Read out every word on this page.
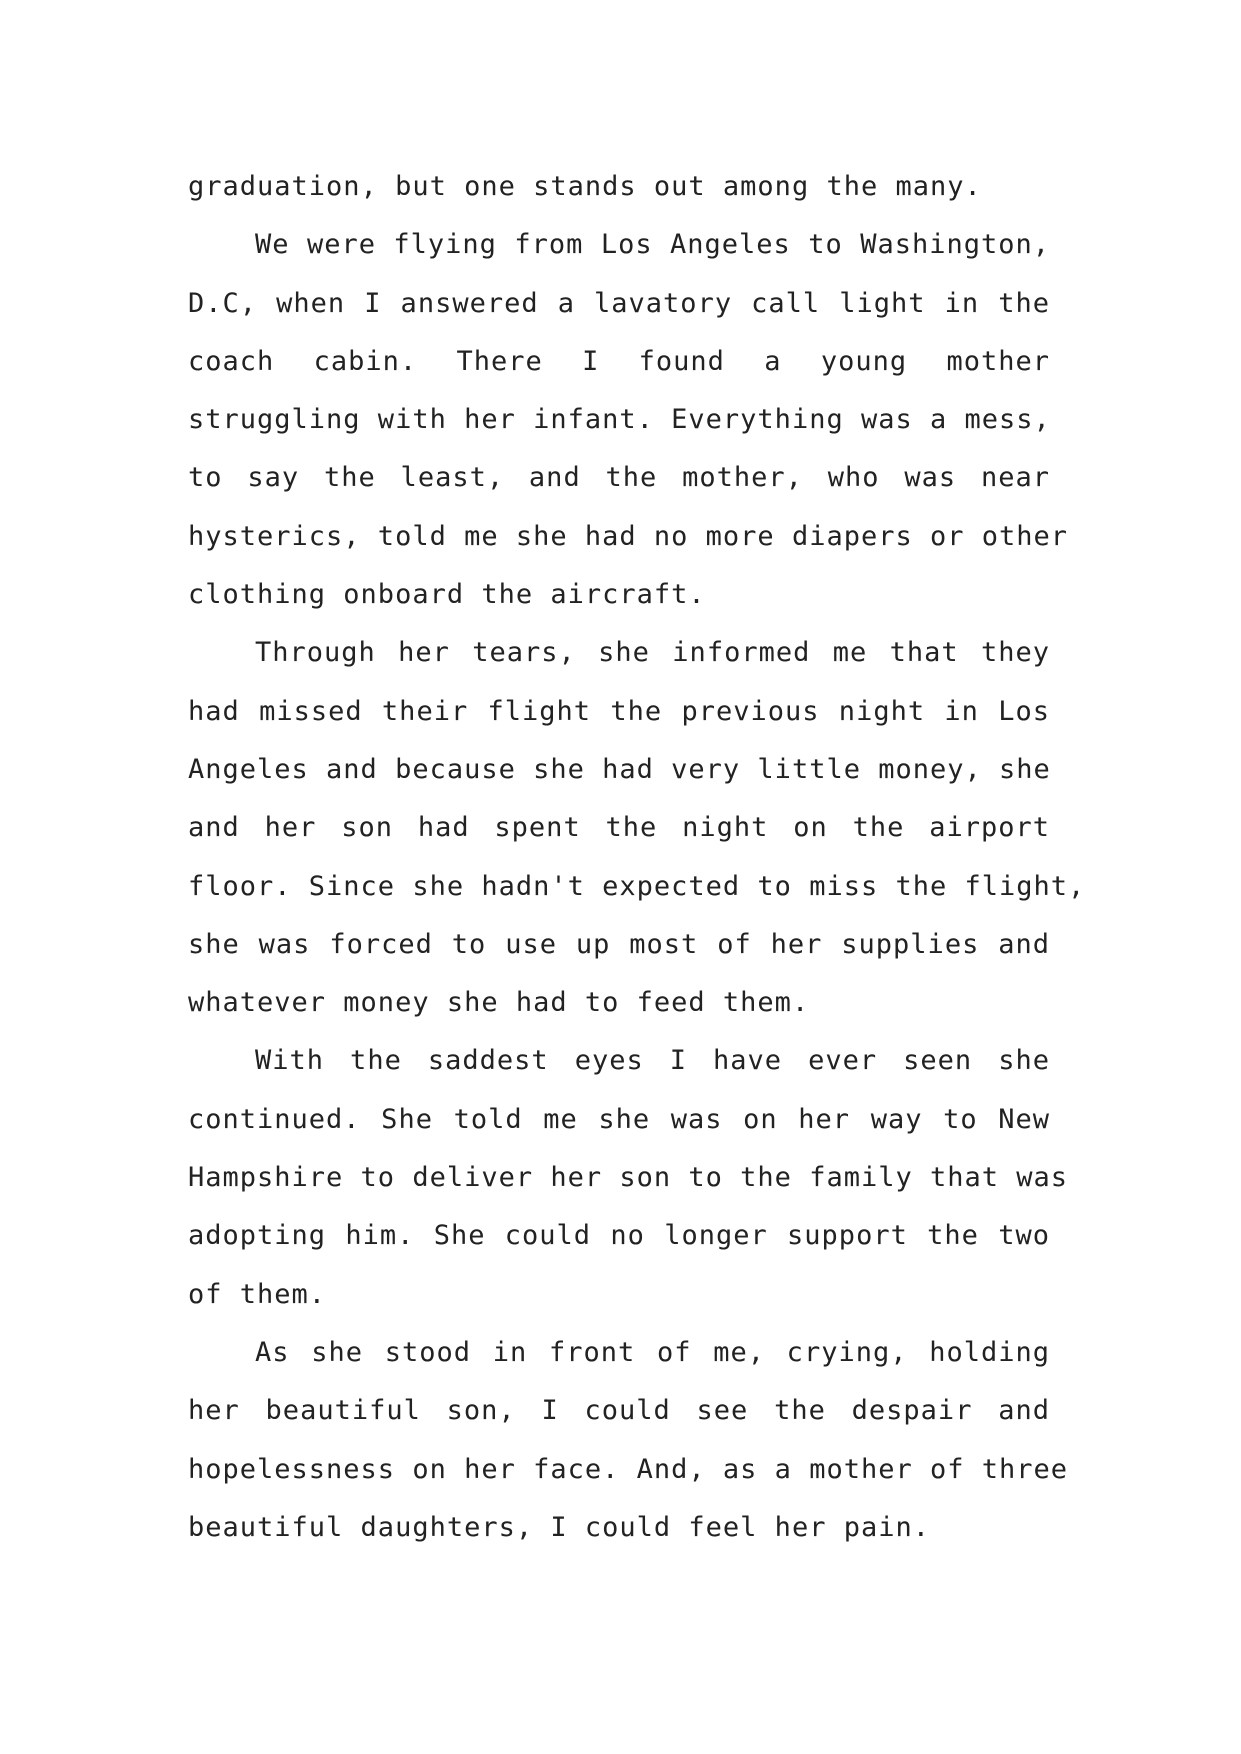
graduation, but one stands out among the many.
We were flying from Los Angeles to Washington,
D.C, when I answered a lavatory call light in the
coach cabin. There I found a young mother
struggling with her infant. Everything was a mess,
to say the least, and the mother, who was near
hysterics, told me she had no more diapers or other
clothing onboard the aircraft.
Through her tears, she informed me that they
had missed their flight the previous night in Los
Angeles and because she had very little money, she
and her son had spent the night on the airport
floor. Since she hadn't expected to miss the flight,
she was forced to use up most of her supplies and
whatever money she had to feed them.
With the saddest eyes I have ever seen she
continued. She told me she was on her way to New
Hampshire to deliver her son to the family that was
adopting him. She could no longer support the two
of them.
As she stood in front of me, crying, holding
her beautiful son, I could see the despair and
hopelessness on her face. And, as a mother of three
beautiful daughters, I could feel her pain.
